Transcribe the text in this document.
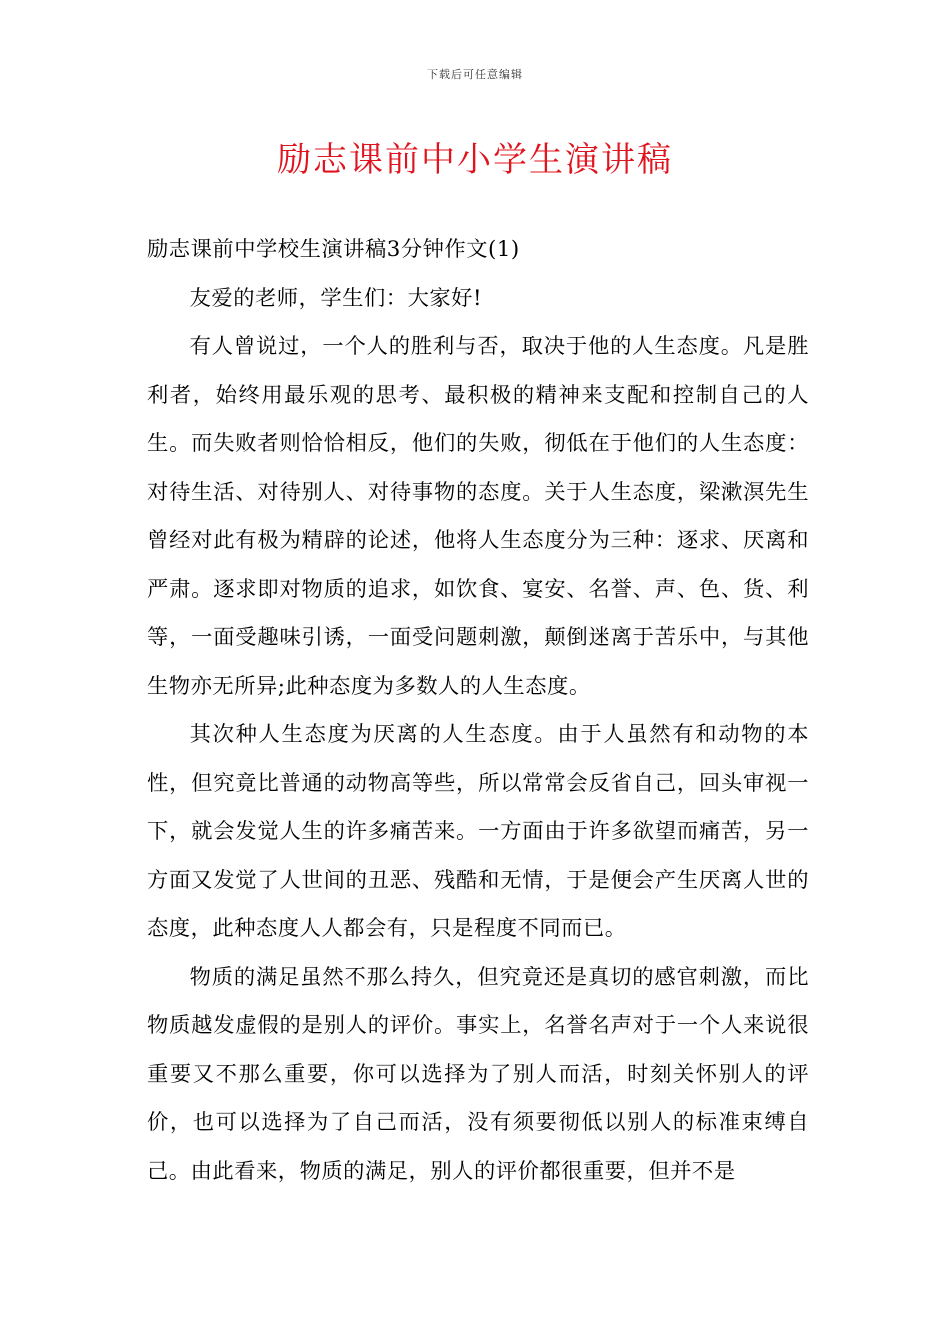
下载后可任意编辑
励志课前中小学生演讲稿

励志课前中学校生演讲稿3分钟作文(1)

友爱的老师，学生们：大家好!

有人曾说过，一个人的胜利与否，取决于他的人生态度。凡是胜利者，始终用最乐观的思考、最积极的精神来支配和控制自己的人生。而失败者则恰恰相反，他们的失败，彻低在于他们的人生态度：对待生活、对待别人、对待事物的态度。关于人生态度，梁漱溟先生曾经对此有极为精辟的论述，他将人生态度分为三种：逐求、厌离和严肃。逐求即对物质的追求，如饮食、宴安、名誉、声、色、货、利等，一面受趣味引诱，一面受问题刺激，颠倒迷离于苦乐中，与其他生物亦无所异;此种态度为多数人的人生态度。

其次种人生态度为厌离的人生态度。由于人虽然有和动物的本性，但究竟比普通的动物高等些，所以常常会反省自己，回头审视一下，就会发觉人生的许多痛苦来。一方面由于许多欲望而痛苦，另一方面又发觉了人世间的丑恶、残酷和无情，于是便会产生厌离人世的态度，此种态度人人都会有，只是程度不同而已。

物质的满足虽然不那么持久，但究竟还是真切的感官刺激，而比物质越发虚假的是别人的评价。事实上，名誉名声对于一个人来说很重要又不那么重要，你可以选择为了别人而活，时刻关怀别人的评价，也可以选择为了自己而活，没有须要彻低以别人的标准束缚自己。由此看来，物质的满足，别人的评价都很重要，但并不是
